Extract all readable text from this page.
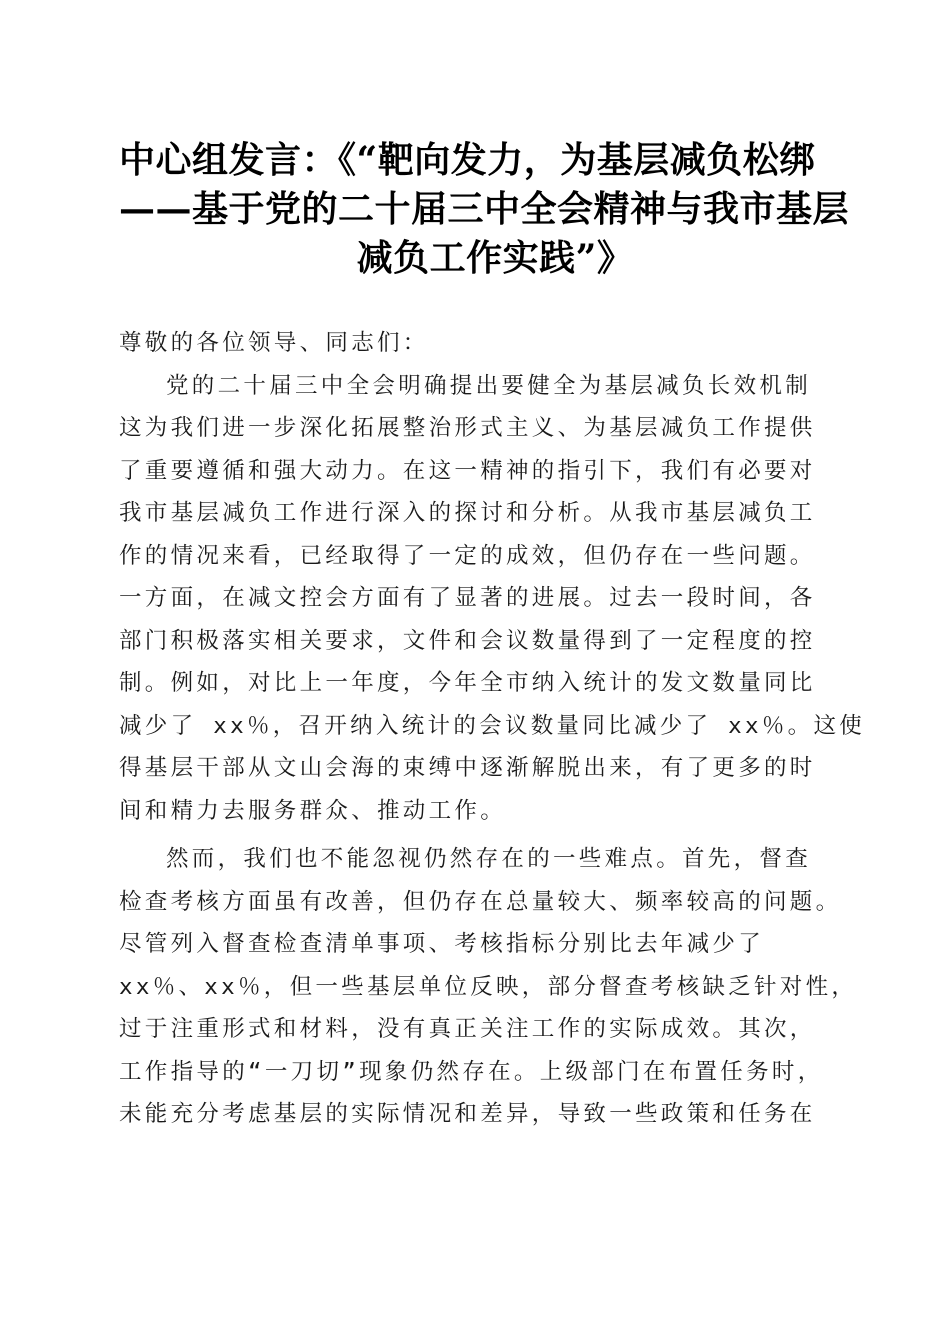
中心组发言：《“靶向发力，为基层减负松绑
——基于党的二十届三中全会精神与我市基层
减负工作实践”》
尊敬的各位领导、同志们：
党的二十届三中全会明确提出要健全为基层减负长效机制
这为我们进一步深化拓展整治形式主义、为基层减负工作提供
了重要遵循和强大动力。在这一精神的指引下，我们有必要对
我市基层减负工作进行深入的探讨和分析。从我市基层减负工
作的情况来看，已经取得了一定的成效，但仍存在一些问题。
一方面，在减文控会方面有了显著的进展。过去一段时间，各
部门积极落实相关要求，文件和会议数量得到了一定程度的控
制。例如，对比上一年度，今年全市纳入统计的发文数量同比
减少了 xx％，召开纳入统计的会议数量同比减少了 xx％。这使
得基层干部从文山会海的束缚中逐渐解脱出来，有了更多的时
间和精力去服务群众、推动工作。
然而，我们也不能忽视仍然存在的一些难点。首先，督查
检查考核方面虽有改善，但仍存在总量较大、频率较高的问题。
尽管列入督查检查清单事项、考核指标分别比去年减少了
xx％、xx％，但一些基层单位反映，部分督查考核缺乏针对性，
过于注重形式和材料，没有真正关注工作的实际成效。其次，
工作指导的“一刀切”现象仍然存在。上级部门在布置任务时，
未能充分考虑基层的实际情况和差异，导致一些政策和任务在
